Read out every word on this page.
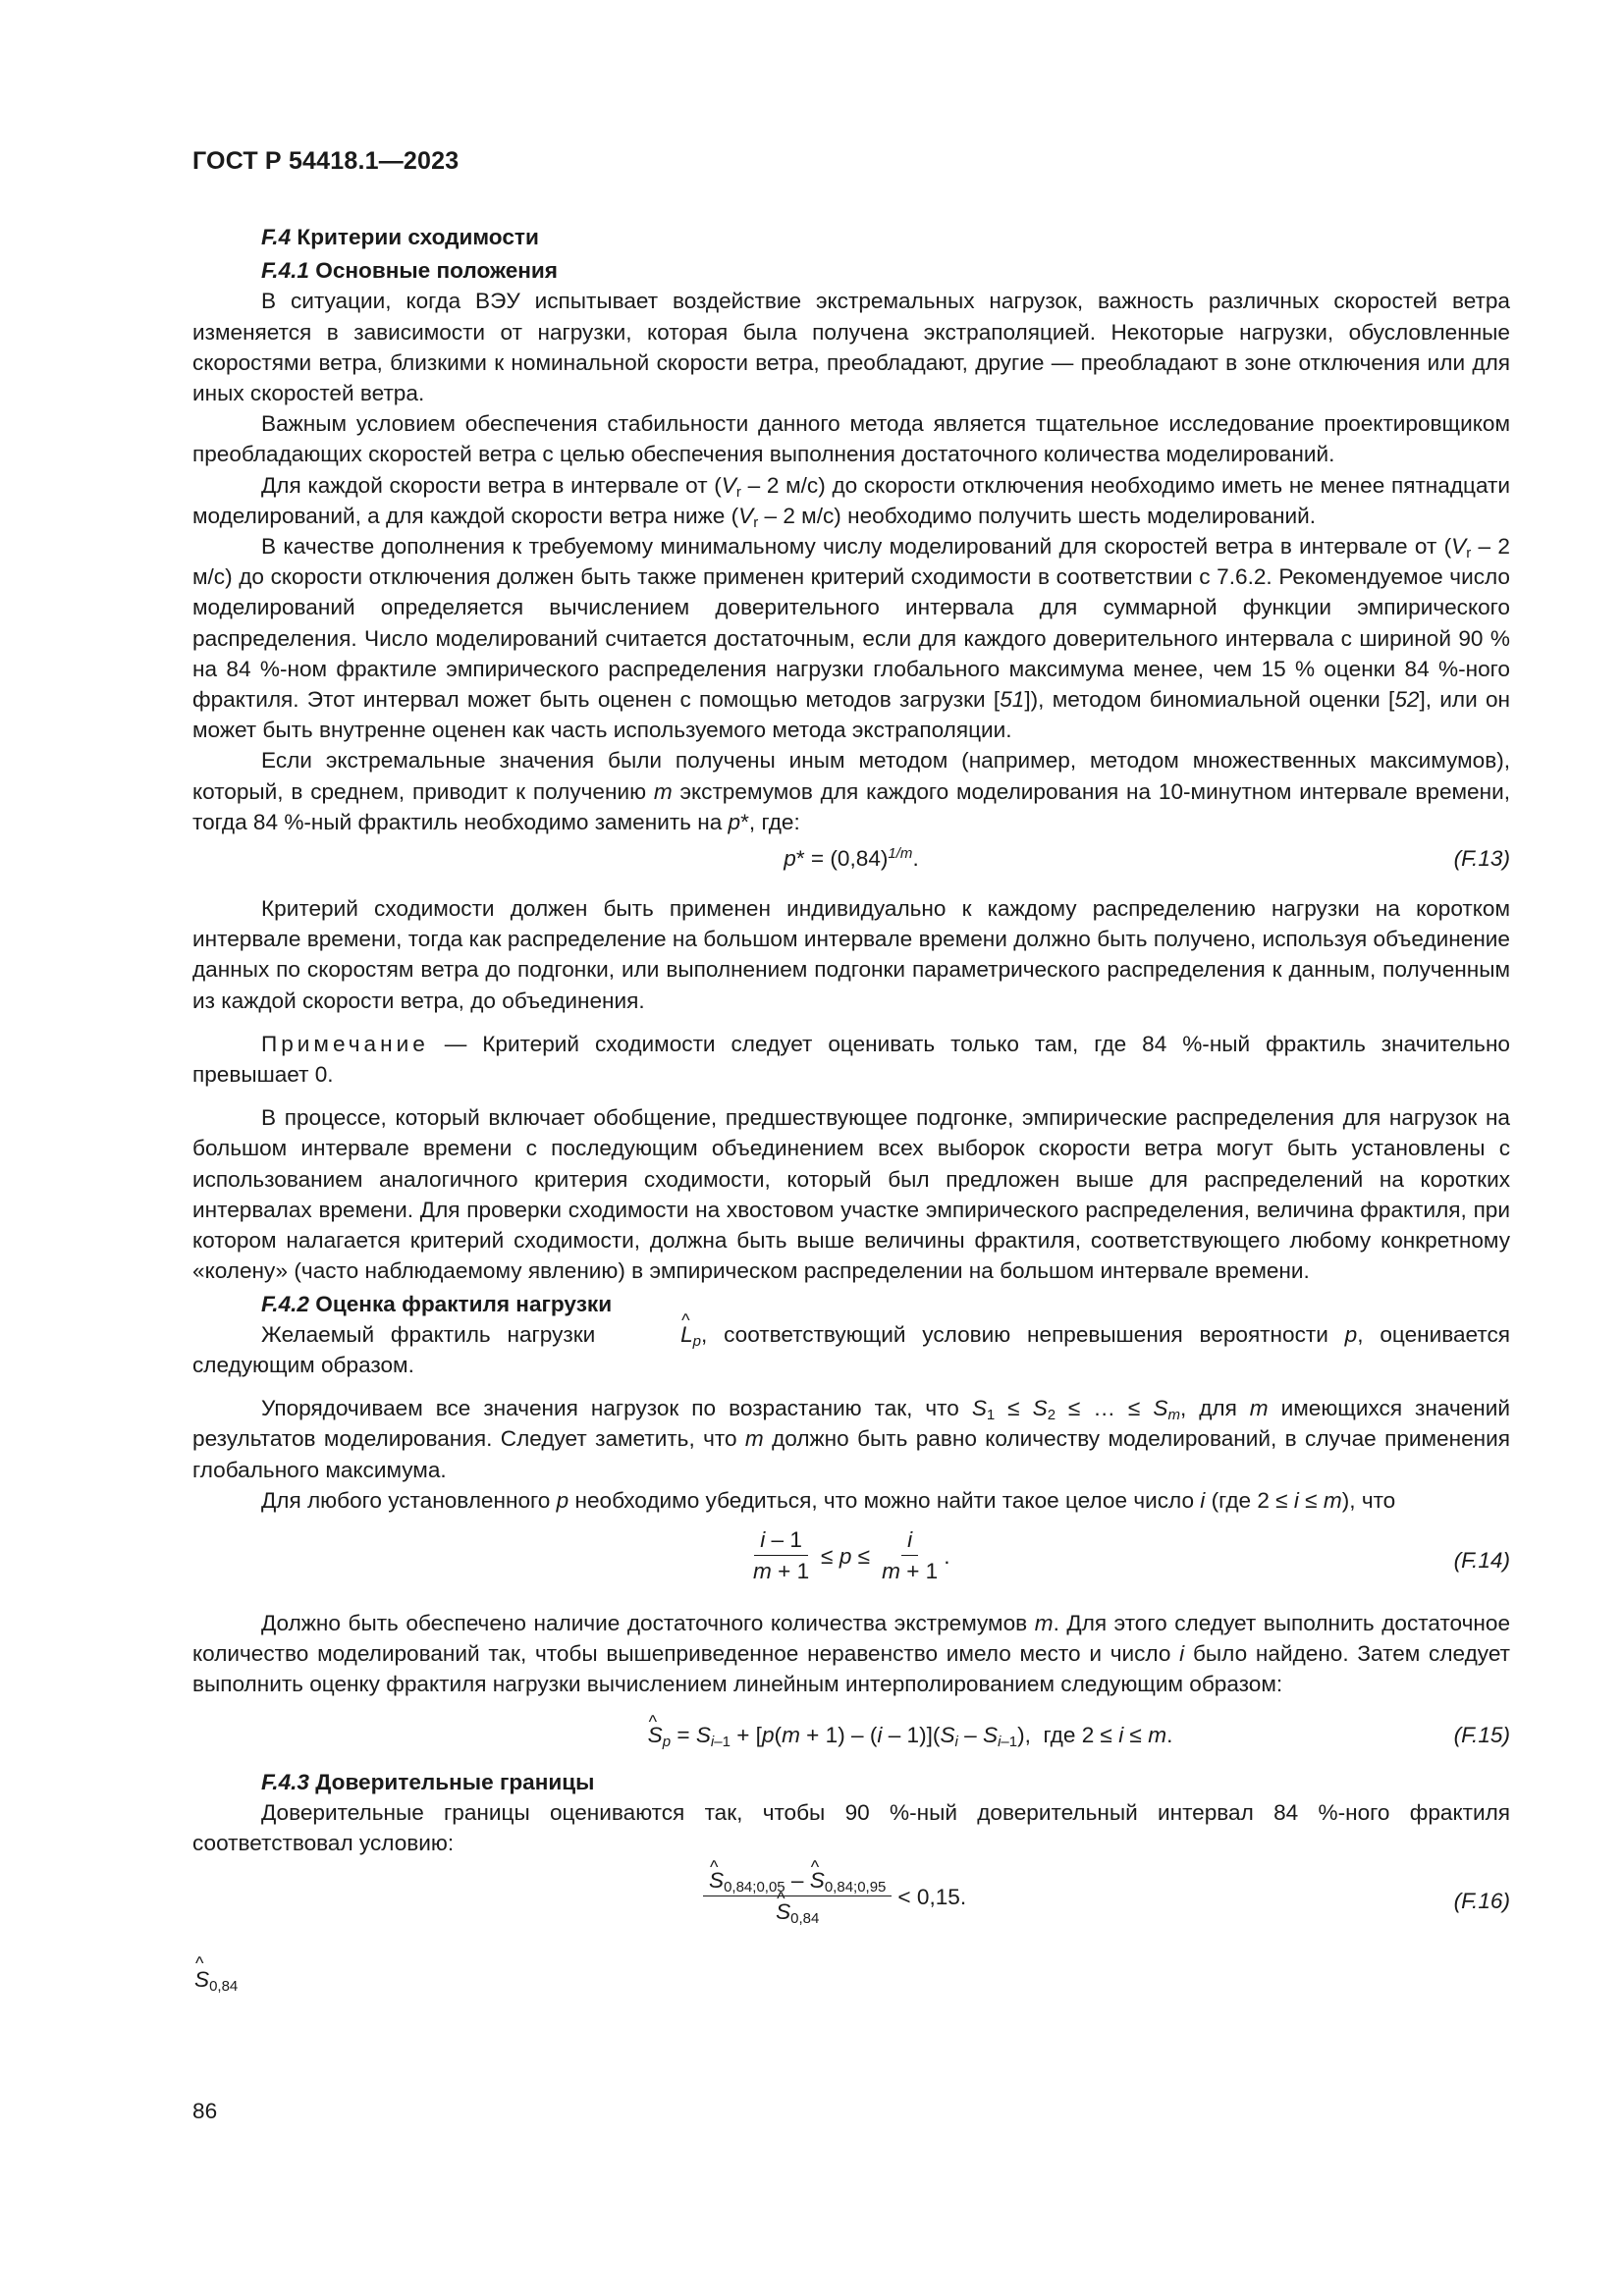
ГОСТ Р 54418.1—2023
F.4 Критерии сходимости
F.4.1 Основные положения

В ситуации, когда ВЭУ испытывает воздействие экстремальных нагрузок, важность различных скоростей ветра изменяется в зависимости от нагрузки, которая была получена экстраполяцией. Некоторые нагрузки, обусловленные скоростями ветра, близкими к номинальной скорости ветра, преобладают, другие — преобладают в зоне отключения или для иных скоростей ветра.

Важным условием обеспечения стабильности данного метода является тщательное исследование проектировщиком преобладающих скоростей ветра с целью обеспечения выполнения достаточного количества моделирований.

Для каждой скорости ветра в интервале от ($V_r - 2$ м/с) до скорости отключения необходимо иметь не менее пятнадцати моделирований, а для каждой скорости ветра ниже ($V_r - 2$ м/с) необходимо получить шесть моделирований.

В качестве дополнения к требуемому минимальному числу моделирований для скоростей ветра в интервале от ($V_r - 2$ м/с) до скорости отключения должен быть также применен критерий сходимости в соответствии с 7.6.2. Рекомендуемое число моделирований определяется вычислением доверительного интервала для суммарной функции эмпирического распределения. Число моделирований считается достаточным, если для каждого доверительного интервала с шириной 90 % на 84 %-ном фрактиле эмпирического распределения нагрузки глобального максимума менее, чем 15 % оценки 84 %-ного фрактиля. Этот интервал может быть оценен с помощью методов загрузки [51]), методом биномиальной оценки [52], или он может быть внутренне оценен как часть используемого метода экстраполяции.

Если экстремальные значения были получены иным методом (например, методом множественных максимумов), который, в среднем, приводит к получению m экстремумов для каждого моделирования на 10-минутном интервале времени, тогда 84 %-ный фрактиль необходимо заменить на p*, где:

$p* = (0,84)^{1/m}$.	(F.13)

Критерий сходимости должен быть применен индивидуально к каждому распределению нагрузки на коротком интервале времени, тогда как распределение на большом интервале времени должно быть получено, используя объединение данных по скоростям ветра до подгонки, или выполнением подгонки параметрического распределения к данным, полученным из каждой скорости ветра, до объединения.

Примечание — Критерий сходимости следует оценивать только там, где 84 %-ный фрактиль значительно превышает 0.

В процессе, который включает обобщение, предшествующее подгонке, эмпирические распределения для нагрузок на большом интервале времени с последующим объединением всех выборок скорости ветра могут быть установлены с использованием аналогичного критерия сходимости, который был предложен выше для распределений на коротких интервалах времени. Для проверки сходимости на хвостовом участке эмпирического распределения, величина фрактиля, при котором налагается критерий сходимости, должна быть выше величины фрактиля, соответствующего любому конкретному «колену» (часто наблюдаемому явлению) в эмпирическом распределении на большом интервале времени.

F.4.2 Оценка фрактиля нагрузки

Желаемый фрактиль нагрузки ^	$L_p$, соответствующий условию непревышения вероятности p, оценивается следующим образом.

Упорядочиваем все значения нагрузок по возрастанию так, что $S_1 \le S_2$ ≤ … ≤ $S_m$, для m имеющихся значений результатов моделирования. Следует заметить, что m должно быть равно количеству моделирований, в случае применения глобального максимума.

Для любого установленного p необходимо убедиться, что можно найти такое целое число i (где 2 ≤ i ≤ m), что

$\frac{i - 1}{m + 1} \le p \le \frac{i}{m + 1}$ .	(F.14)

Должно быть обеспечено наличие достаточного количества экстремумов m. Для этого следует выполнить достаточное количество моделирований так, чтобы вышеприведенное неравенство имело место и число i было найдено. Затем следует выполнить оценку фрактиля нагрузки вычислением линейным интерполированием следующим образом:

^ $S_p = S_{i-1} + [p(m + 1) - (i - 1)](S_i - S_{i-1})$,  где 2 ≤ i ≤ m.	(F.15)
F.4.3 Доверительные границы

Доверительные границы оцениваются так, чтобы 90 %-ный доверительный интервал 84 %-ного фрактиля соответствовал условию:

^ $S_{0,84;0,05}$ – ^ $S_{0,84;0,95}$
^ $S_{0,84} < 0,15$.	(F.16)
^ $S_{0,84}$
86
